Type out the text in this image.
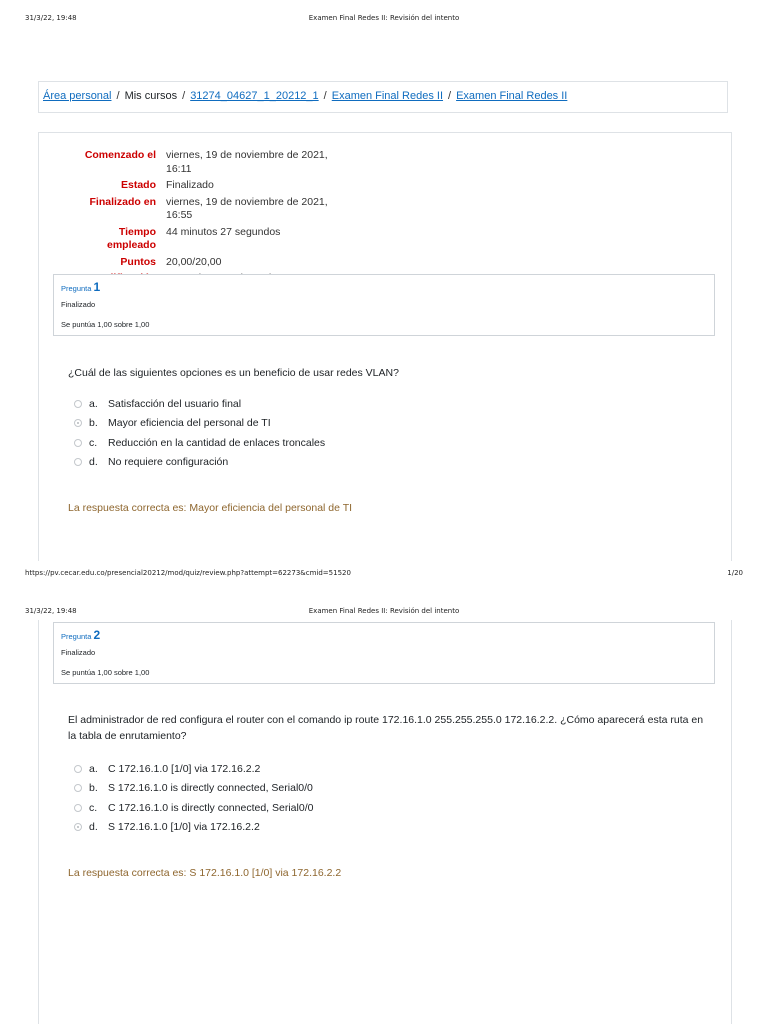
31/3/22, 19:48	Examen Final Redes II: Revisión del intento
Área personal / Mis cursos / 31274_04627_1_20212_1 / Examen Final Redes II / Examen Final Redes II
Comenzado el	viernes, 19 de noviembre de 2021, 16:11
Estado	Finalizado
Finalizado en	viernes, 19 de noviembre de 2021, 16:55
Tiempo
empleado	44 minutos 27 segundos
Puntos	20,00/20,00

Pregunta 1
Finalizado
Se puntúa 1,00 sobre 1,00
¿Cuál de las siguientes opciones es un beneficio de usar redes VLAN?
a. Satisfacción del usuario final
b. Mayor eficiencia del personal de TI
c.	Reducción en la cantidad de enlaces troncales
d. No requiere configuración
La respuesta correcta es: Mayor eficiencia del personal de TI
https://pv.cecar.edu.co/presencial20212/mod/quiz/review.php?attempt=62273&cmid=51520	1/20
31/3/22, 19:48	Examen Final Redes II: Revisión del intento
Pregunta 2
Finalizado
Se puntúa 1,00 sobre 1,00
El administrador de red configura el router con el comando ip route 172.16.1.0 255.255.255.0 172.16.2.2. ¿Cómo aparecerá esta ruta en la tabla de enrutamiento?
a. C 172.16.1.0 [1/0] via 172.16.2.2
b. S 172.16.1.0 is directly connected, Serial0/0
c.	C 172.16.1.0 is directly connected, Serial0/0
d. S 172.16.1.0 [1/0] via 172.16.2.2
La respuesta correcta es: S 172.16.1.0 [1/0] via 172.16.2.2
